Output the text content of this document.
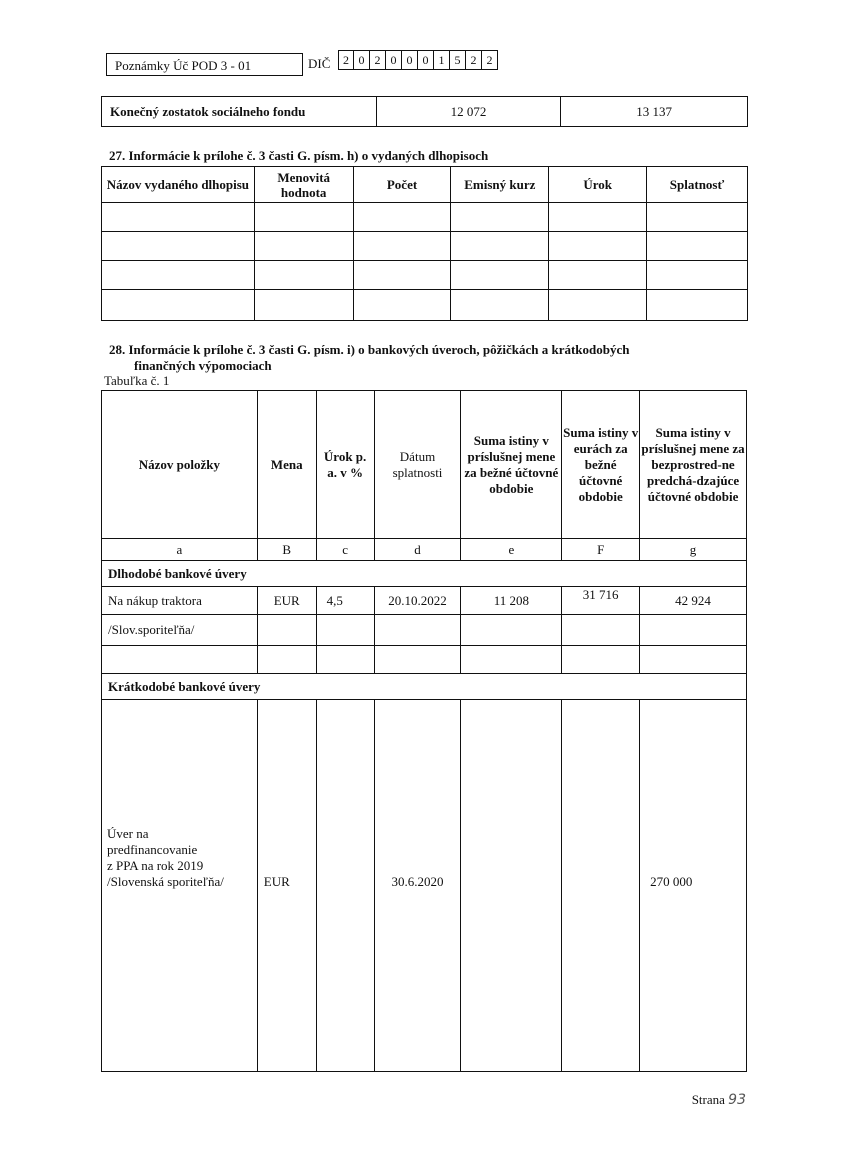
Poznámky Úč POD 3 - 01	DIČ	2 0 2 0 0 0 1 5 2 2
Konečný zostatok sociálneho fondu	12 072	13 137
27. Informácie k prílohe č. 3 časti G. písm. h) o vydaných dlhopisoch
Názov vydaného dlhopisu	Menovitá hodnota	Počet	Emisný kurz	Úrok	Splatnosť

28. Informácie k prílohe č. 3 časti G. písm. i) o bankových úveroch, pôžičkách a krátkodobých
finančných výpomociach
Tabuľka č. 1
Názov položky	Mena	Úrok p. a. v %	Dátum splatnosti	Suma istiny v príslušnej mene za bežné účtovné obdobie	Suma istiny v eurách za bežné účtovné obdobie	Suma istiny v príslušnej mene za bezprostred-ne predchá-dzajúce účtovné obdobie
a	B	c	d	e	F	g
Dlhodobé bankové úvery						
Na nákup traktora	EUR	4,5	20.10.2022	11 208	31 716	42 924
/Slov.sporiteľňa/						

Krátkodobé bankové úvery						

Úver na
predfinancovanie
z PPA na rok 2019
/Slovenská sporiteľňa/	EUR		30.6.2020			270 000
Strana 93
